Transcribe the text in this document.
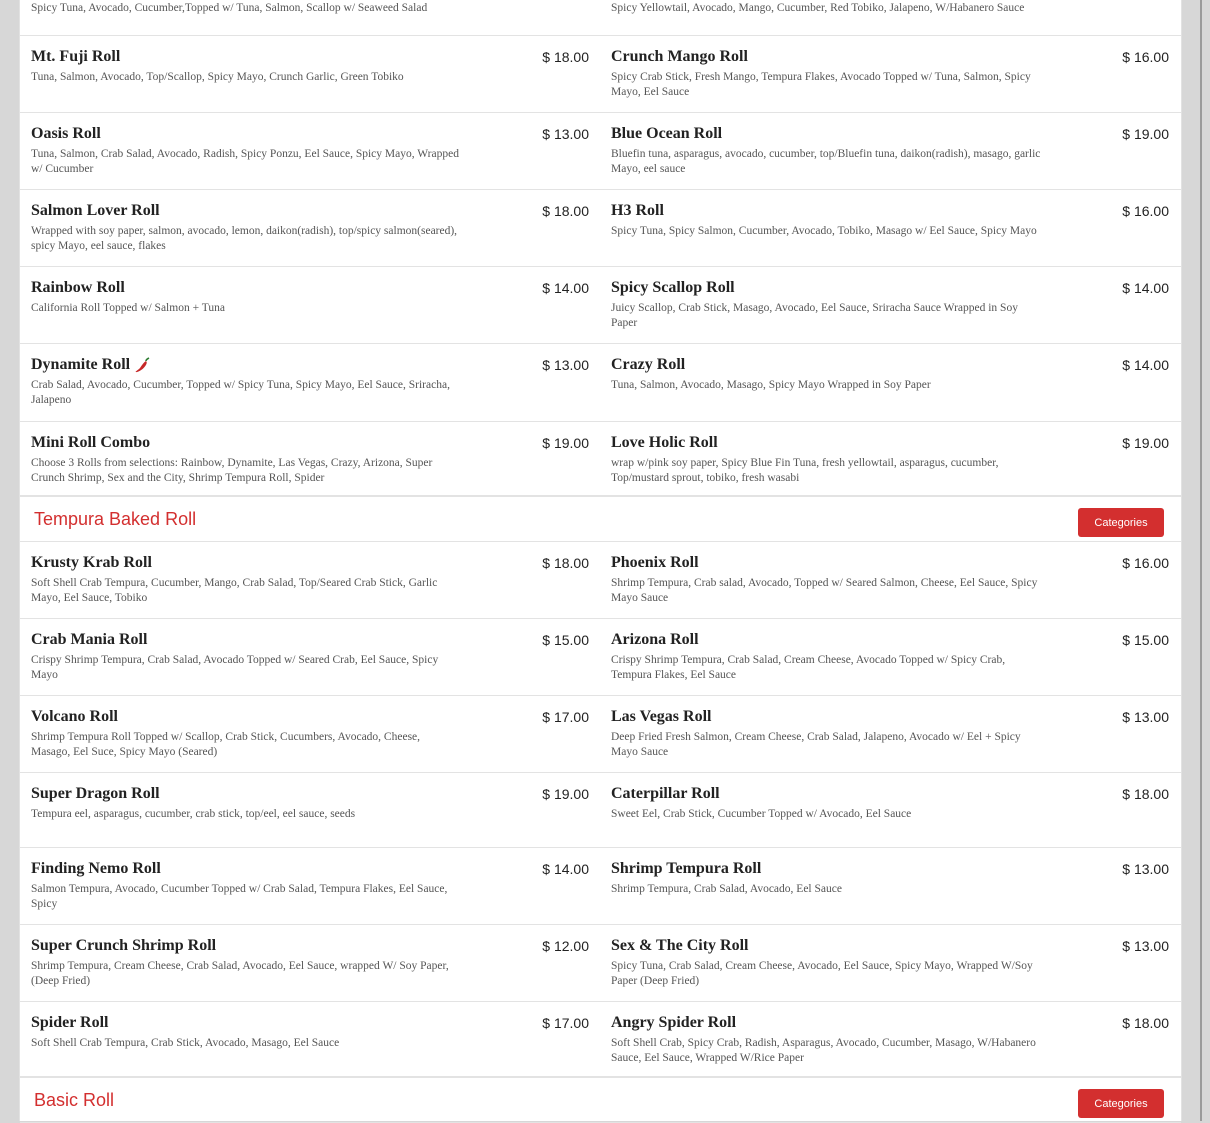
Spicy Tuna, Avocado, Cucumber,Topped w/ Tuna, Salmon, Scallop w/ Seaweed Salad	Spicy Yellowtail, Avocado, Mango, Cucumber, Red Tobiko, Jalapeno, W/Habanero Sauce
Mt. Fuji Roll	$ 18.00
Tuna, Salmon, Avocado, Top/Scallop, Spicy Mayo, Crunch Garlic, Green Tobiko
Crunch Mango Roll	$ 16.00
Spicy Crab Stick, Fresh Mango, Tempura Flakes, Avocado Topped w/ Tuna, Salmon, Spicy Mayo, Eel Sauce
Oasis Roll	$ 13.00
Tuna, Salmon, Crab Salad, Avocado, Radish, Spicy Ponzu, Eel Sauce, Spicy Mayo, Wrapped w/ Cucumber
Blue Ocean Roll	$ 19.00
Bluefin tuna, asparagus, avocado, cucumber, top/Bluefin tuna, daikon(radish), masago, garlic Mayo, eel sauce
Salmon Lover Roll	$ 18.00
Wrapped with soy paper, salmon, avocado, lemon, daikon(radish), top/spicy salmon(seared), spicy Mayo, eel sauce, flakes
H3 Roll	$ 16.00
Spicy Tuna, Spicy Salmon, Cucumber, Avocado, Tobiko, Masago w/ Eel Sauce, Spicy Mayo
Rainbow Roll	$ 14.00
California Roll Topped w/ Salmon + Tuna
Spicy Scallop Roll	$ 14.00
Juicy Scallop, Crab Stick, Masago, Avocado, Eel Sauce, Sriracha Sauce Wrapped in Soy Paper
Dynamite Roll	$ 13.00
Crab Salad, Avocado, Cucumber, Topped w/ Spicy Tuna, Spicy Mayo, Eel Sauce, Sriracha, Jalapeno
Crazy Roll	$ 14.00
Tuna, Salmon, Avocado, Masago, Spicy Mayo Wrapped in Soy Paper
Mini Roll Combo	$ 19.00
Choose 3 Rolls from selections: Rainbow, Dynamite, Las Vegas, Crazy, Arizona, Super Crunch Shrimp, Sex and the City, Shrimp Tempura Roll, Spider
Love Holic Roll	$ 19.00
wrap w/pink soy paper, Spicy Blue Fin Tuna, fresh yellowtail, asparagus, cucumber, Top/mustard sprout, tobiko, fresh wasabi
Tempura Baked Roll	Categories
Krusty Krab Roll	$ 18.00
Soft Shell Crab Tempura, Cucumber, Mango, Crab Salad, Top/Seared Crab Stick, Garlic Mayo, Eel Sauce, Tobiko
Phoenix Roll	$ 16.00
Shrimp Tempura, Crab salad, Avocado, Topped w/ Seared Salmon, Cheese, Eel Sauce, Spicy Mayo Sauce
Crab Mania Roll	$ 15.00
Crispy Shrimp Tempura, Crab Salad, Avocado Topped w/ Seared Crab, Eel Sauce, Spicy Mayo
Arizona Roll	$ 15.00
Crispy Shrimp Tempura, Crab Salad, Cream Cheese, Avocado Topped w/ Spicy Crab, Tempura Flakes, Eel Sauce
Volcano Roll	$ 17.00
Shrimp Tempura Roll Topped w/ Scallop, Crab Stick, Cucumbers, Avocado, Cheese, Masago, Eel Suce, Spicy Mayo (Seared)
Las Vegas Roll	$ 13.00
Deep Fried Fresh Salmon, Cream Cheese, Crab Salad, Jalapeno, Avocado w/ Eel + Spicy Mayo Sauce
Super Dragon Roll	$ 19.00
Tempura eel, asparagus, cucumber, crab stick, top/eel, eel sauce, seeds
Caterpillar Roll	$ 18.00
Sweet Eel, Crab Stick, Cucumber Topped w/ Avocado, Eel Sauce
Finding Nemo Roll	$ 14.00
Salmon Tempura, Avocado, Cucumber Topped w/ Crab Salad, Tempura Flakes, Eel Sauce, Spicy
Shrimp Tempura Roll	$ 13.00
Shrimp Tempura, Crab Salad, Avocado, Eel Sauce
Super Crunch Shrimp Roll	$ 12.00
Shrimp Tempura, Cream Cheese, Crab Salad, Avocado, Eel Sauce, wrapped W/ Soy Paper, (Deep Fried)
Sex & The City Roll	$ 13.00
Spicy Tuna, Crab Salad, Cream Cheese, Avocado, Eel Sauce, Spicy Mayo, Wrapped W/Soy Paper (Deep Fried)
Spider Roll	$ 17.00
Soft Shell Crab Tempura, Crab Stick, Avocado, Masago, Eel Sauce
Angry Spider Roll	$ 18.00
Soft Shell Crab, Spicy Crab, Radish, Asparagus, Avocado, Cucumber, Masago, W/Habanero Sauce, Eel Sauce, Wrapped W/Rice Paper
Basic Roll	Categories
